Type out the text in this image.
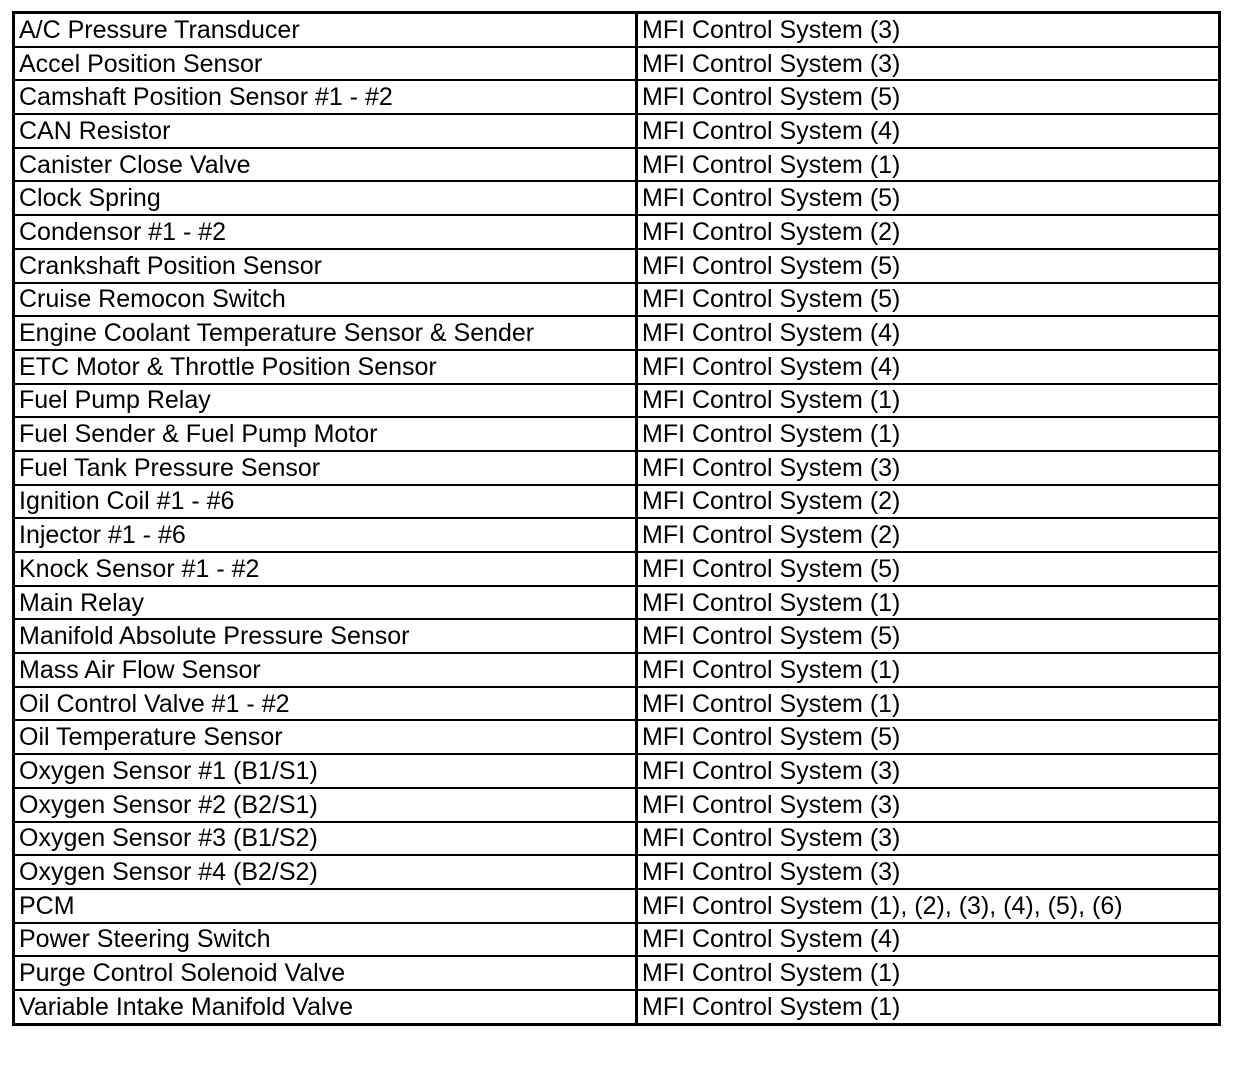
A/C Pressure Transducer	MFI Control System (3)
Accel Position Sensor	MFI Control System (3)
Camshaft Position Sensor #1 - #2	MFI Control System (5)
CAN Resistor	MFI Control System (4)
Canister Close Valve	MFI Control System (1)
Clock Spring	MFI Control System (5)
Condensor #1 - #2	MFI Control System (2)
Crankshaft Position Sensor	MFI Control System (5)
Cruise Remocon Switch	MFI Control System (5)
Engine Coolant Temperature Sensor & Sender	MFI Control System (4)
ETC Motor & Throttle Position Sensor	MFI Control System (4)
Fuel Pump Relay	MFI Control System (1)
Fuel Sender & Fuel Pump Motor	MFI Control System (1)
Fuel Tank Pressure Sensor	MFI Control System (3)
Ignition Coil #1 - #6	MFI Control System (2)
Injector #1 - #6	MFI Control System (2)
Knock Sensor #1 - #2	MFI Control System (5)
Main Relay	MFI Control System (1)
Manifold Absolute Pressure Sensor	MFI Control System (5)
Mass Air Flow Sensor	MFI Control System (1)
Oil Control Valve #1 - #2	MFI Control System (1)
Oil Temperature Sensor	MFI Control System (5)
Oxygen Sensor #1 (B1/S1)	MFI Control System (3)
Oxygen Sensor #2 (B2/S1)	MFI Control System (3)
Oxygen Sensor #3 (B1/S2)	MFI Control System (3)
Oxygen Sensor #4 (B2/S2)	MFI Control System (3)
PCM	MFI Control System (1), (2), (3), (4), (5), (6)
Power Steering Switch	MFI Control System (4)
Purge Control Solenoid Valve	MFI Control System (1)
Variable Intake Manifold Valve	MFI Control System (1)
